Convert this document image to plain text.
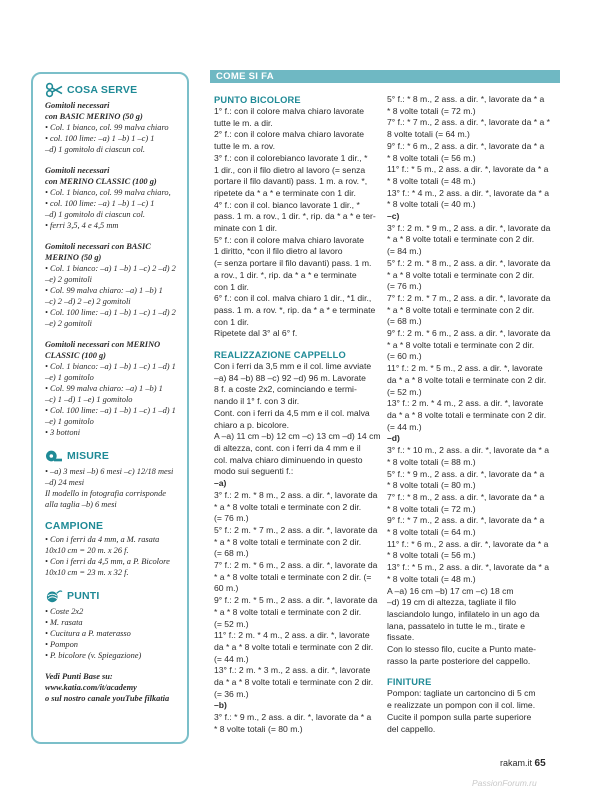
COSA SERVE
Gomitoli necessari
con BASIC MERINO (50 g)
• Col. 1 bianco, col. 99 malva chiaro
• col. 100 lime: –a) 1 –b) 1 –c) 1
–d) 1 gomitolo di ciascun col.
Gomitoli necessari
con MERINO CLASSIC (100 g)
• Col. 1 bianco, col. 99 malva chiaro,
• col. 100 lime: –a) 1 –b) 1 –c) 1
–d) 1 gomitolo di ciascun col.
• ferri 3,5, 4 e 4,5 mm
Gomitoli necessari con BASIC
MERINO (50 g)
• Col. 1 bianco: –a) 1 –b) 1 –c) 2 –d) 2
–e) 2 gomitoli
• Col. 99 malva chiaro: –a) 1 –b) 1
–c) 2 –d) 2 –e) 2 gomitoli
• Col. 100 lime: –a) 1 –b) 1 –c) 1 –d) 2
–e) 2 gomitoli
Gomitoli necessari con MERINO
CLASSIC (100 g)
• Col. 1 bianco: –a) 1 –b) 1 –c) 1 –d) 1
–e) 1 gomitolo
• Col. 99 malva chiaro: –a) 1 –b) 1
–c) 1 –d) 1 –e) 1 gomitolo
• Col. 100 lime: –a) 1 –b) 1 –c) 1 –d) 1
–e) 1 gomitolo
• 3 bottoni
MISURE
• –a) 3 mesi –b) 6 mesi –c) 12/18 mesi
–d) 24 mesi
Il modello in fotografia corrisponde
alla taglia –b) 6 mesi
CAMPIONE
• Con i ferri da 4 mm, a M. rasata
10x10 cm = 20 m. x 26 f.
• Con i ferri da 4,5 mm, a P. Bicolore
10x10 cm = 23 m. x 32 f.
PUNTI
• Coste 2x2
• M. rasata
• Cucitura a P. materasso
• Pompon
• P. bicolore (v. Spiegazione)
Vedi Punti Base su:
www.katia.com/it/academy
o sul nostro canale youTube filkatia
COME SI FA
PUNTO BICOLORE
1° f.: con il colore malva chiaro lavorate
tutte le m. a dir.
2° f.: con il colore malva chiaro lavorate
tutte le m. a rov.
3° f.: con il colorebianco lavorate 1 dir., *
1 dir., con il filo dietro al lavoro (= senza
portare il filo davanti) pass. 1 m. a rov. *,
ripetete da * a * e terminate con 1 dir.
4° f.: con il col. bianco lavorate 1 dir., *
pass. 1 m. a rov., 1 dir. *, rip. da * a * e ter-
minate con 1 dir.
5° f.: con il colore malva chiaro lavorate
1 diritto, *con il filo dietro al lavoro
(= senza portare il filo davanti) pass. 1 m.
a rov., 1 dir. *, rip. da * a * e terminate
con 1 dir.
6° f.: con il col. malva chiaro 1 dir., *1 dir.,
pass. 1 m. a rov. *, rip. da * a * e terminate
con 1 dir.
Ripetete dal 3° al 6° f.
REALIZZAZIONE CAPPELLO
Con i ferri da 3,5 mm e il col. lime avviate
–a) 84 –b) 88 –c) 92 –d) 96 m. Lavorate
8 f. a coste 2x2, cominciando e termi-
nando il 1° f. con 3 dir.
Cont. con i ferri da 4,5 mm e il col. malva
chiaro a p. bicolore.
A –a) 11 cm –b) 12 cm –c) 13 cm –d) 14 cm
di altezza, cont. con i ferri da 4 mm e il
col. malva chiaro diminuendo in questo
modo sui seguenti f.:
–a)
3° f.: 2 m. * 8 m., 2 ass. a dir. *, lavorate da
* a * 8 volte totali e terminate con 2 dir.
(= 76 m.)
5° f.: 2 m. * 7 m., 2 ass. a dir. *, lavorate da
* a * 8 volte totali e terminate con 2 dir.
(= 68 m.)
7° f.: 2 m. * 6 m., 2 ass. a dir. *, lavorate da
* a * 8 volte totali e terminate con 2 dir. (=
60 m.)
9° f.: 2 m. * 5 m., 2 ass. a dir. *, lavorate da
* a * 8 volte totali e terminate con 2 dir.
(= 52 m.)
11° f.: 2 m. * 4 m., 2 ass. a dir. *, lavorate
da * a * 8 volte totali e terminate con 2 dir.
(= 44 m.)
13° f.: 2 m. * 3 m., 2 ass. a dir. *, lavorate
da * a * 8 volte totali e terminate con 2 dir.
(= 36 m.)
–b)
3° f.: * 9 m., 2 ass. a dir. *, lavorate da * a
* 8 volte totali (= 80 m.)
5° f.: * 8 m., 2 ass. a dir. *, lavorate da * a
* 8 volte totali (= 72 m.)
7° f.: * 7 m., 2 ass. a dir. *, lavorate da * a *
8 volte totali (= 64 m.)
9° f.: * 6 m., 2 ass. a dir. *, lavorate da * a
* 8 volte totali (= 56 m.)
11° f.: * 5 m., 2 ass. a dir. *, lavorate da * a
* 8 volte totali (= 48 m.)
13° f.: * 4 m., 2 ass. a dir. *, lavorate da * a
* 8 volte totali (= 40 m.)
–c)
3° f.: 2 m. * 9 m., 2 ass. a dir. *, lavorate da
* a * 8 volte totali e terminate con 2 dir.
(= 84 m.)
5° f.: 2 m. * 8 m., 2 ass. a dir. *, lavorate da
* a * 8 volte totali e terminate con 2 dir.
(= 76 m.)
7° f.: 2 m. * 7 m., 2 ass. a dir. *, lavorate da
* a * 8 volte totali e terminate con 2 dir.
(= 68 m.)
9° f.: 2 m. * 6 m., 2 ass. a dir. *, lavorate da
* a * 8 volte totali e terminate con 2 dir.
(= 60 m.)
11° f.: 2 m. * 5 m., 2 ass. a dir. *, lavorate
da * a * 8 volte totali e terminate con 2 dir.
(= 52 m.)
13° f.: 2 m. * 4 m., 2 ass. a dir. *, lavorate
da * a * 8 volte totali e terminate con 2 dir.
(= 44 m.)
–d)
3° f.: * 10 m., 2 ass. a dir. *, lavorate da * a
* 8 volte totali (= 88 m.)
5° f.: * 9 m., 2 ass. a dir. *, lavorate da * a
* 8 volte totali (= 80 m.)
7° f.: * 8 m., 2 ass. a dir. *, lavorate da * a
* 8 volte totali (= 72 m.)
9° f.: * 7 m., 2 ass. a dir. *, lavorate da * a
* 8 volte totali (= 64 m.)
11° f.: * 6 m., 2 ass. a dir. *, lavorate da * a
* 8 volte totali (= 56 m.)
13° f.: * 5 m., 2 ass. a dir. *, lavorate da * a
* 8 volte totali (= 48 m.)
A –a) 16 cm –b) 17 cm –c) 18 cm
–d) 19 cm di altezza, tagliate il filo
lasciandolo lungo, infilatelo in un ago da
lana, passatelo in tutte le m., tirate e
fissate.
Con lo stesso filo, cucite a Punto mate-
rasso la parte posteriore del cappello.
FINITURE
Pompon: tagliate un cartoncino di 5 cm
e realizzate un pompon con il col. lime.
Cucite il pompon sulla parte superiore
del cappello.
rakam.it 65
PassionForum.ru
